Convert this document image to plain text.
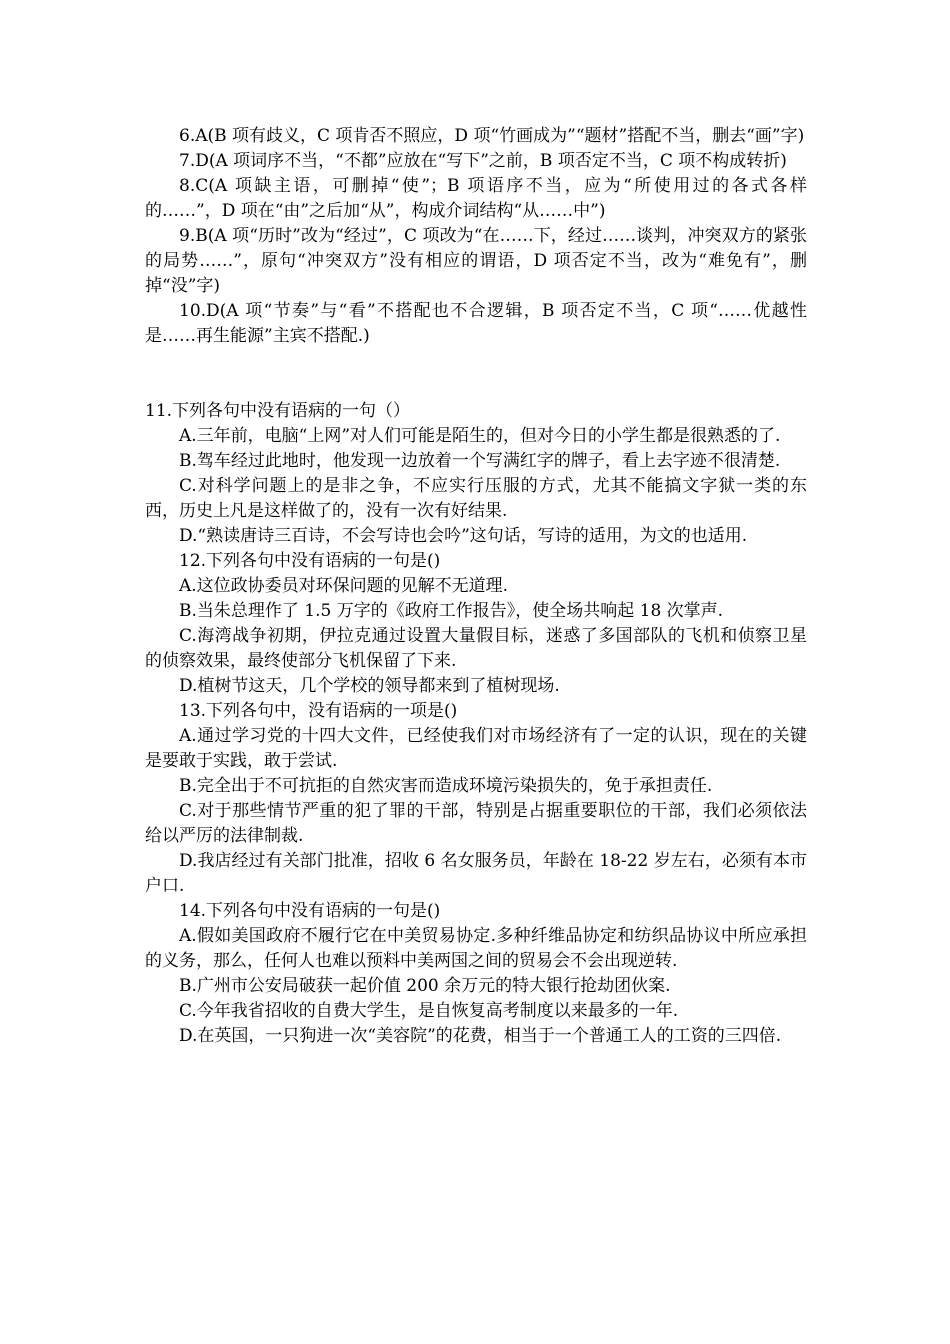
6.A(B 项有歧义，C 项肯否不照应，D 项“竹画成为”“题材”搭配不当，删去“画”字)

7.D(A 项词序不当，“不都”应放在“写下”之前，B 项否定不当，C 项不构成转折)

8.C(A 项缺主语，可删掉“使”；B 项语序不当，应为“所使用过的各式各样的……”，D 项在“由”之后加“从”，构成介词结构“从……中”)

9.B(A 项“历时”改为“经过”，C 项改为“在……下，经过……谈判，冲突双方的紧张的局势……”，原句“冲突双方”没有相应的谓语，D 项否定不当，改为“难免有”，删掉“没”字)

10.D(A 项“节奏”与“看”不搭配也不合逻辑，B 项否定不当，C 项“……优越性是……再生能源”主宾不搭配.)

11.下列各句中没有语病的一句（）

A.三年前，电脑“上网”对人们可能是陌生的，但对今日的小学生都是很熟悉的了.

B.驾车经过此地时，他发现一边放着一个写满红字的牌子，看上去字迹不很清楚.

C.对科学问题上的是非之争，不应实行压服的方式，尤其不能搞文字狱一类的东西，历史上凡是这样做了的，没有一次有好结果.

D.“熟读唐诗三百诗，不会写诗也会吟”这句话，写诗的适用，为文的也适用.

12.下列各句中没有语病的一句是()

A.这位政协委员对环保问题的见解不无道理.

B.当朱总理作了 1.5 万字的《政府工作报告》，使全场共响起 18 次掌声.

C.海湾战争初期，伊拉克通过设置大量假目标，迷惑了多国部队的飞机和侦察卫星的侦察效果，最终使部分飞机保留了下来.

D.植树节这天，几个学校的领导都来到了植树现场.

13.下列各句中，没有语病的一项是()

A.通过学习党的十四大文件，已经使我们对市场经济有了一定的认识，现在的关键是要敢于实践，敢于尝试.

B.完全出于不可抗拒的自然灾害而造成环境污染损失的，免于承担责任.

C.对于那些情节严重的犯了罪的干部，特别是占据重要职位的干部，我们必须依法给以严厉的法律制裁.

D.我店经过有关部门批准，招收 6 名女服务员，年龄在 18-22 岁左右，必须有本市户口.

14.下列各句中没有语病的一句是()

A.假如美国政府不履行它在中美贸易协定.多种纤维品协定和纺织品协议中所应承担的义务，那么，任何人也难以预料中美两国之间的贸易会不会出现逆转.

B.广州市公安局破获一起价值 200 余万元的特大银行抢劫团伙案.

C.今年我省招收的自费大学生，是自恢复高考制度以来最多的一年.

D.在英国，一只狗进一次“美容院”的花费，相当于一个普通工人的工资的三四倍.
